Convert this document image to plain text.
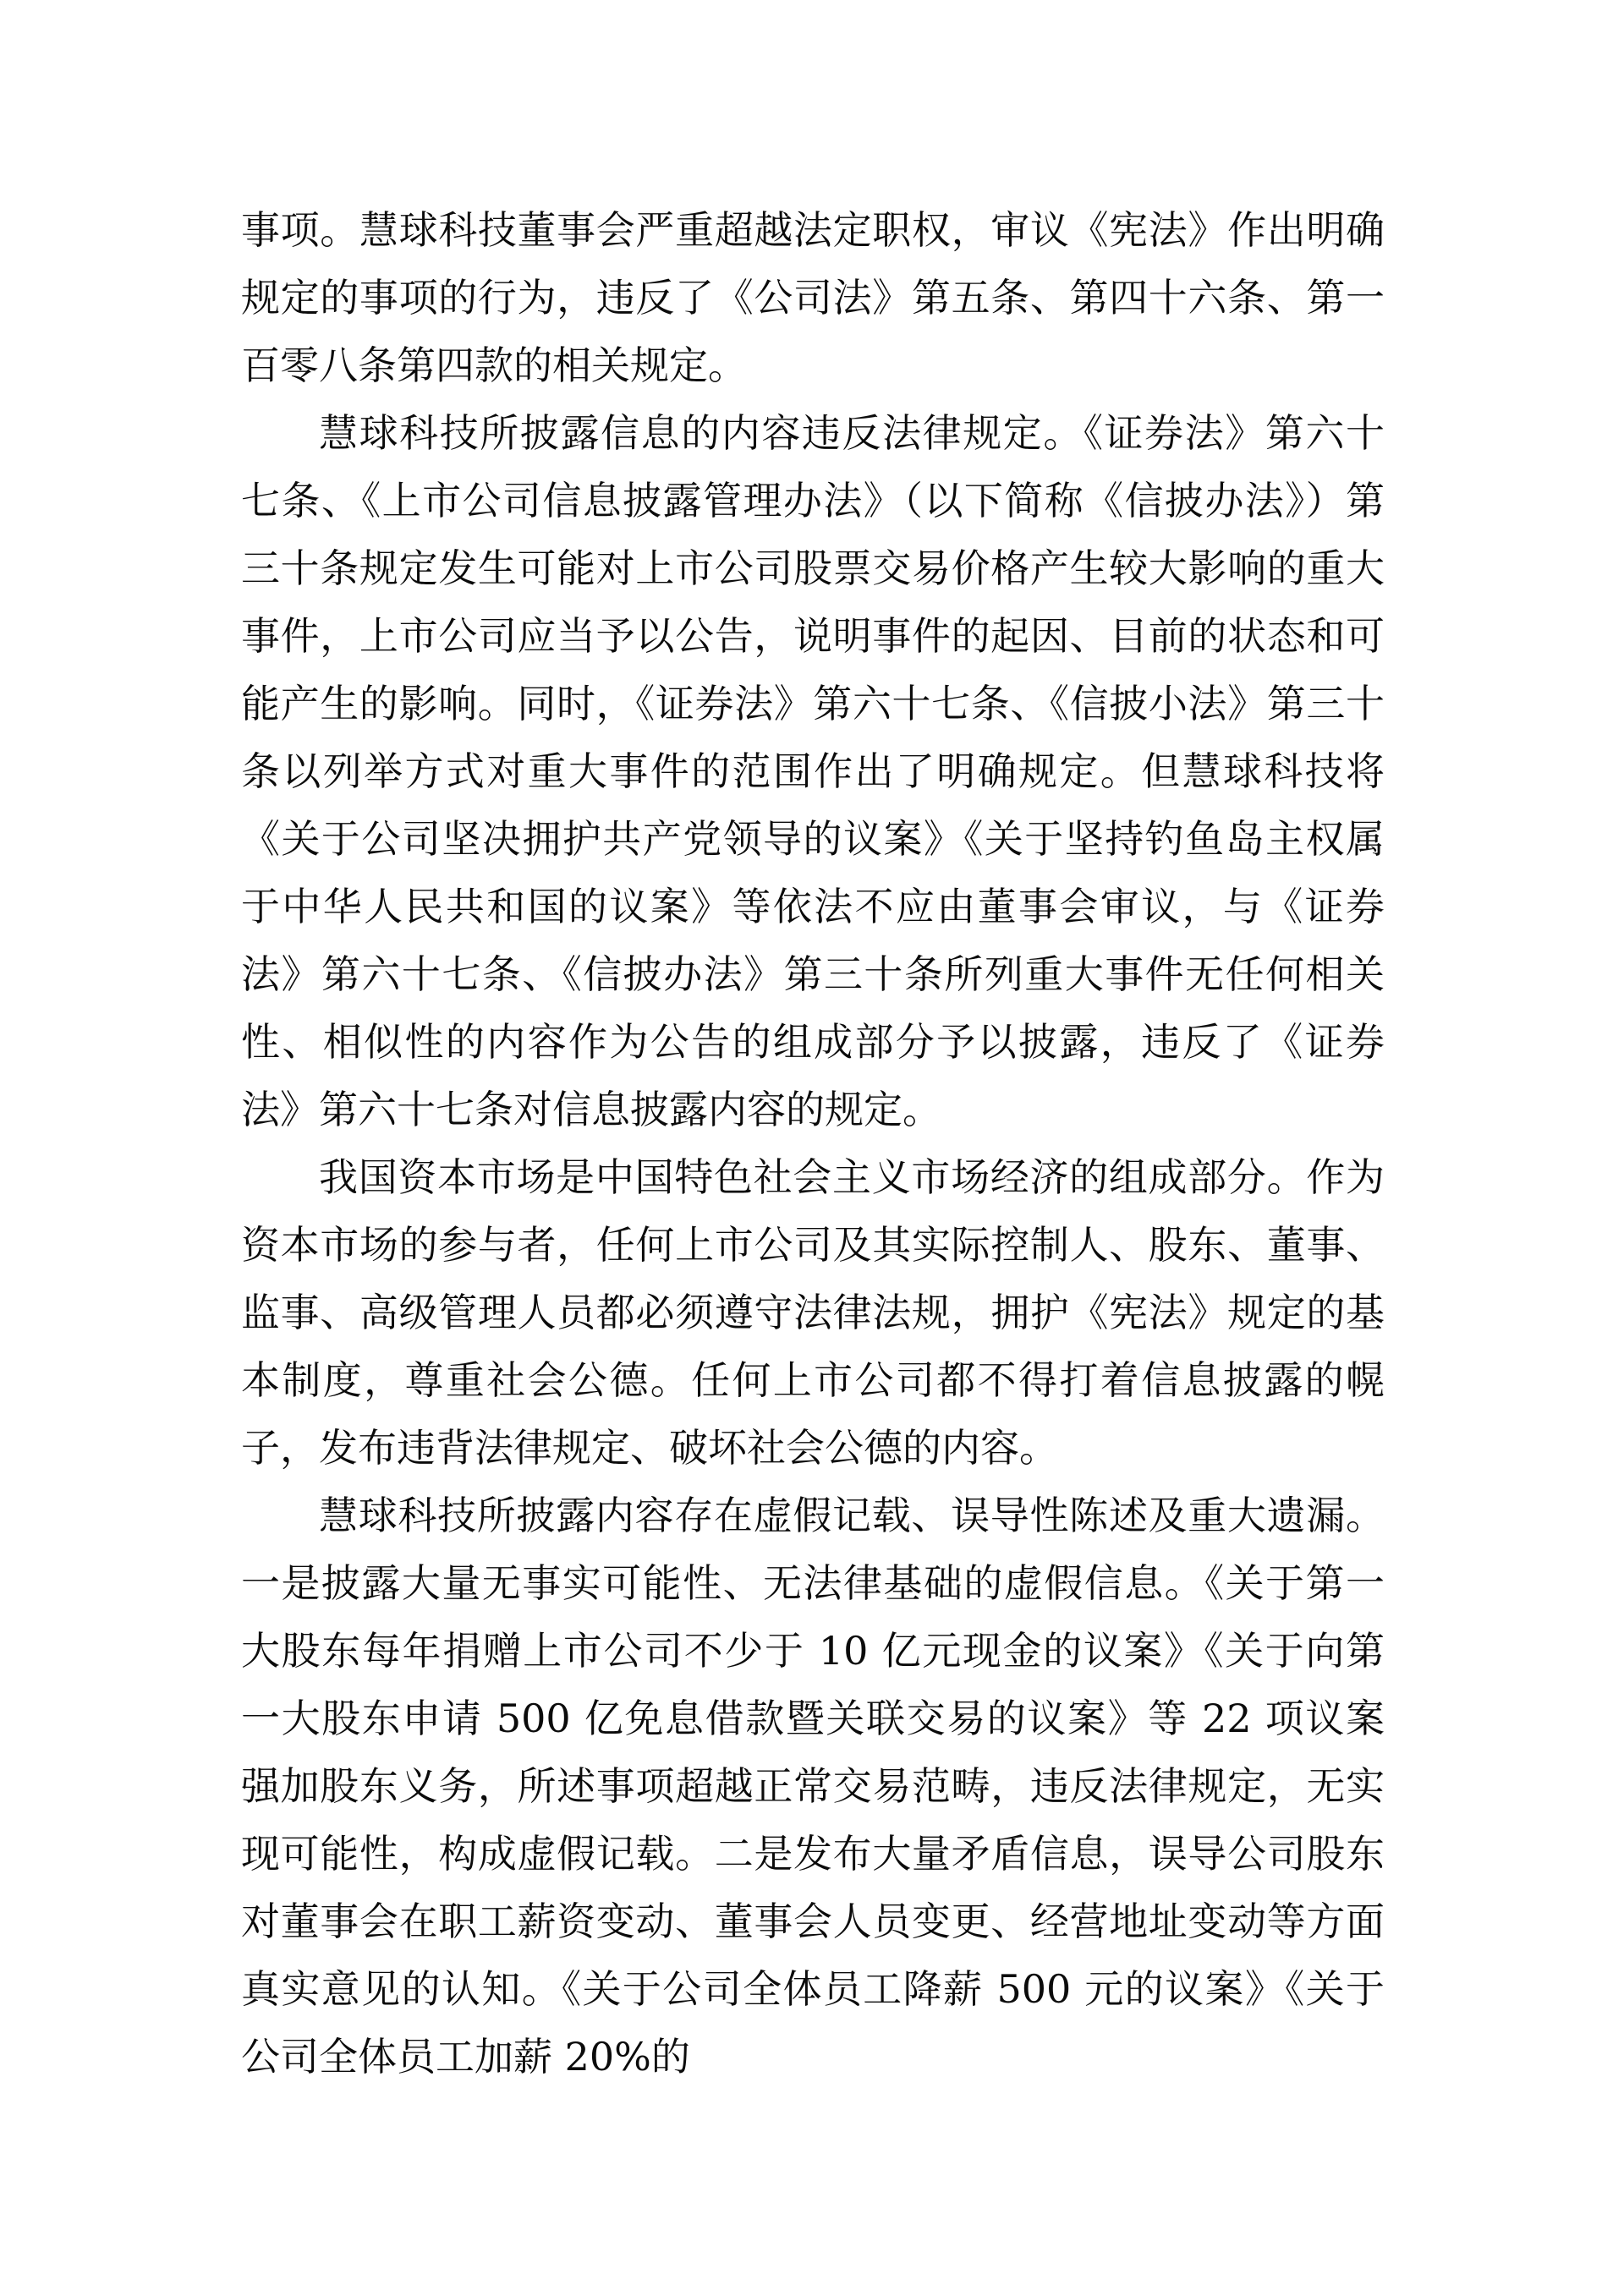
事项。慧球科技董事会严重超越法定职权，审议《宪法》作出明确规定的事项的行为，违反了《公司法》第五条、第四十六条、第一百零八条第四款的相关规定。

慧球科技所披露信息的内容违反法律规定。《证券法》第六十七条、《上市公司信息披露管理办法》（以下简称《信披办法》）第三十条规定发生可能对上市公司股票交易价格产生较大影响的重大事件，上市公司应当予以公告，说明事件的起因、目前的状态和可能产生的影响。同时，《证券法》第六十七条、《信披小法》第三十条以列举方式对重大事件的范围作出了明确规定。但慧球科技将《关于公司坚决拥护共产党领导的议案》《关于坚持钓鱼岛主权属于中华人民共和国的议案》等依法不应由董事会审议，与《证券法》第六十七条、《信披办法》第三十条所列重大事件无任何相关性、相似性的内容作为公告的组成部分予以披露，违反了《证券法》第六十七条对信息披露内容的规定。

我国资本市场是中国特色社会主义市场经济的组成部分。作为资本市场的参与者，任何上市公司及其实际控制人、股东、董事、监事、高级管理人员都必须遵守法律法规，拥护《宪法》规定的基本制度，尊重社会公德。任何上市公司都不得打着信息披露的幌子，发布违背法律规定、破坏社会公德的内容。

慧球科技所披露内容存在虚假记载、误导性陈述及重大遗漏。一是披露大量无事实可能性、无法律基础的虚假信息。《关于第一大股东每年捐赠上市公司不少于 10 亿元现金的议案》《关于向第一大股东申请 500 亿免息借款暨关联交易的议案》等 22 项议案强加股东义务，所述事项超越正常交易范畴，违反法律规定，无实现可能性，构成虚假记载。二是发布大量矛盾信息，误导公司股东对董事会在职工薪资变动、董事会人员变更、经营地址变动等方面真实意见的认知。《关于公司全体员工降薪 500 元的议案》《关于公司全体员工加薪 20%的
